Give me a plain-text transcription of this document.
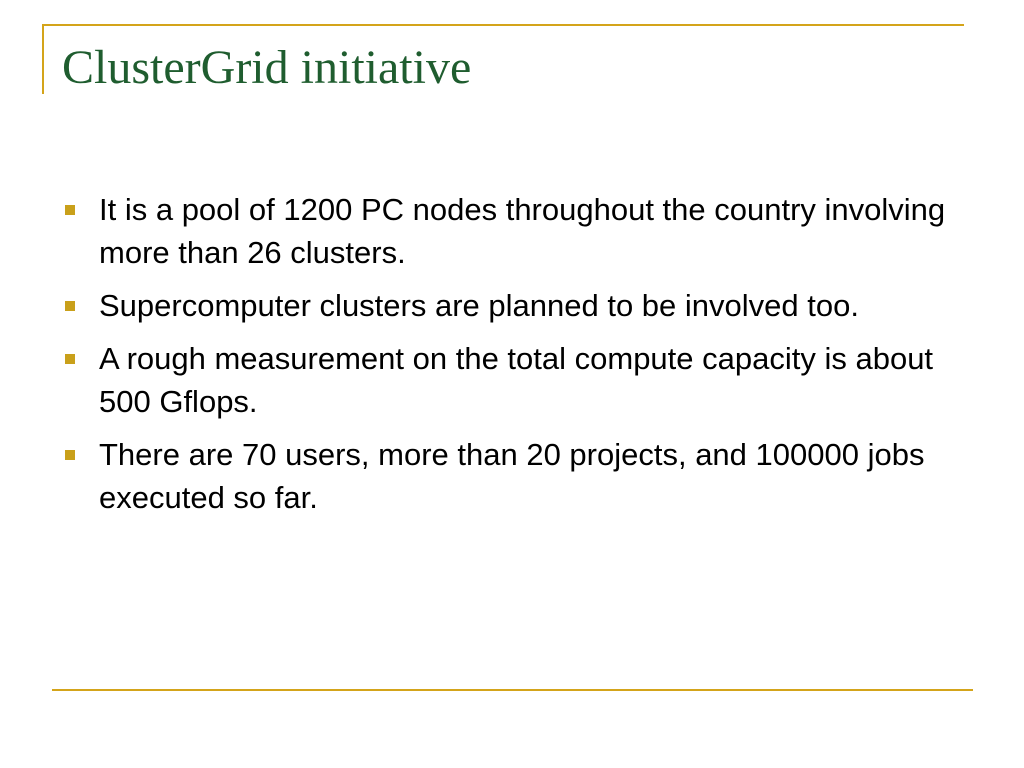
ClusterGrid initiative
It is a pool of 1200 PC nodes throughout the country involving more than 26 clusters.
Supercomputer clusters are planned to be involved too.
A rough measurement on the total compute capacity is about 500 Gflops.
There are 70 users, more than 20 projects, and 100000 jobs executed so far.
